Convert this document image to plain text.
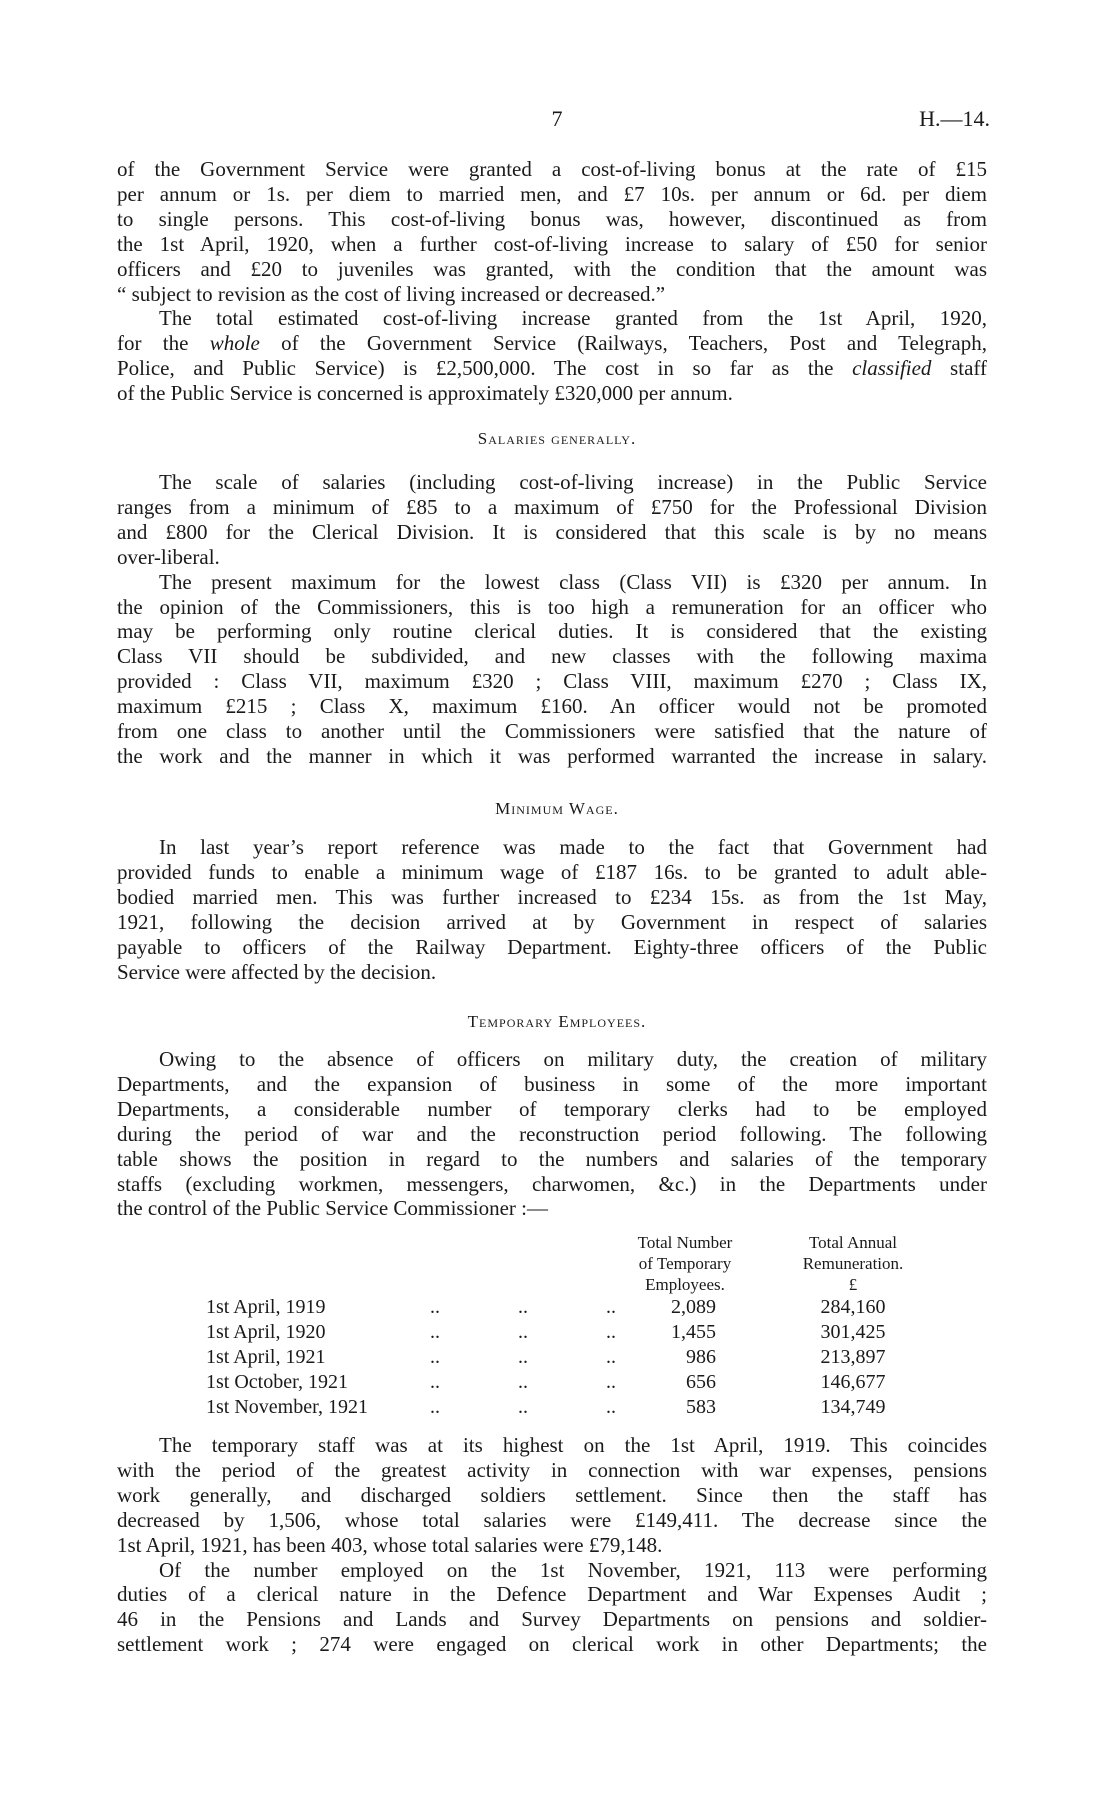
7	H.—14.
of the Government Service were granted a cost-of-living bonus at the rate of £15
per annum or 1s. per diem to married men, and £7 10s. per annum or 6d. per diem
to single persons. This cost-of-living bonus was, however, discontinued as from
the 1st April, 1920, when a further cost-of-living increase to salary of £50 for senior
officers and £20 to juveniles was granted, with the condition that the amount was
“ subject to revision as the cost of living increased or decreased.”
The total estimated cost-of-living increase granted from the 1st April, 1920,
for the whole of the Government Service (Railways, Teachers, Post and Telegraph,
Police, and Public Service) is £2,500,000. The cost in so far as the classified staff
of the Public Service is concerned is approximately £320,000 per annum.
Salaries generally.
The scale of salaries (including cost-of-living increase) in the Public Service
ranges from a minimum of £85 to a maximum of £750 for the Professional Division
and £800 for the Clerical Division. It is considered that this scale is by no means
over-liberal.
The present maximum for the lowest class (Class VII) is £320 per annum. In
the opinion of the Commissioners, this is too high a remuneration for an officer who
may be performing only routine clerical duties. It is considered that the existing
Class VII should be subdivided, and new classes with the following maxima
provided : Class VII, maximum £320 ; Class VIII, maximum £270 ; Class IX,
maximum £215 ; Class X, maximum £160. An officer would not be promoted
from one class to another until the Commissioners were satisfied that the nature of
the work and the manner in which it was performed warranted the increase in salary.
Minimum Wage.
In last year’s report reference was made to the fact that Government had
provided funds to enable a minimum wage of £187 16s. to be granted to adult able-
bodied married men. This was further increased to £234 15s. as from the 1st May,
1921, following the decision arrived at by Government in respect of salaries
payable to officers of the Railway Department. Eighty-three officers of the Public
Service were affected by the decision.
Temporary Employees.
Owing to the absence of officers on military duty, the creation of military
Departments, and the expansion of business in some of the more important
Departments, a considerable number of temporary clerks had to be employed
during the period of war and the reconstruction period following. The following
table shows the position in regard to the numbers and salaries of the temporary
staffs (excluding workmen, messengers, charwomen, &c.) in the Departments under
the control of the Public Service Commissioner :—
The temporary staff was at its highest on the 1st April, 1919. This coincides
with the period of the greatest activity in connection with war expenses, pensions
work generally, and discharged soldiers settlement. Since then the staff has
decreased by 1,506, whose total salaries were £149,411. The decrease since the
1st April, 1921, has been 403, whose total salaries were £79,148.
Of the number employed on the 1st November, 1921, 113 were performing
duties of a clerical nature in the Defence Department and War Expenses Audit ;
46 in the Pensions and Lands and Survey Departments on pensions and soldier-
settlement work ; 274 were engaged on clerical work in other Departments; the
Total Number
of Temporary
Employees.
Total Annual
Remuneration.
£
1st April, 1919	..	..	..	2,089	284,160
1st April, 1920	..	..	..	1,455	301,425
1st April, 1921	..	..	..	986	213,897
1st October, 1921	..	..	..	656	146,677
1st November, 1921	..	..	..	583	134,749
